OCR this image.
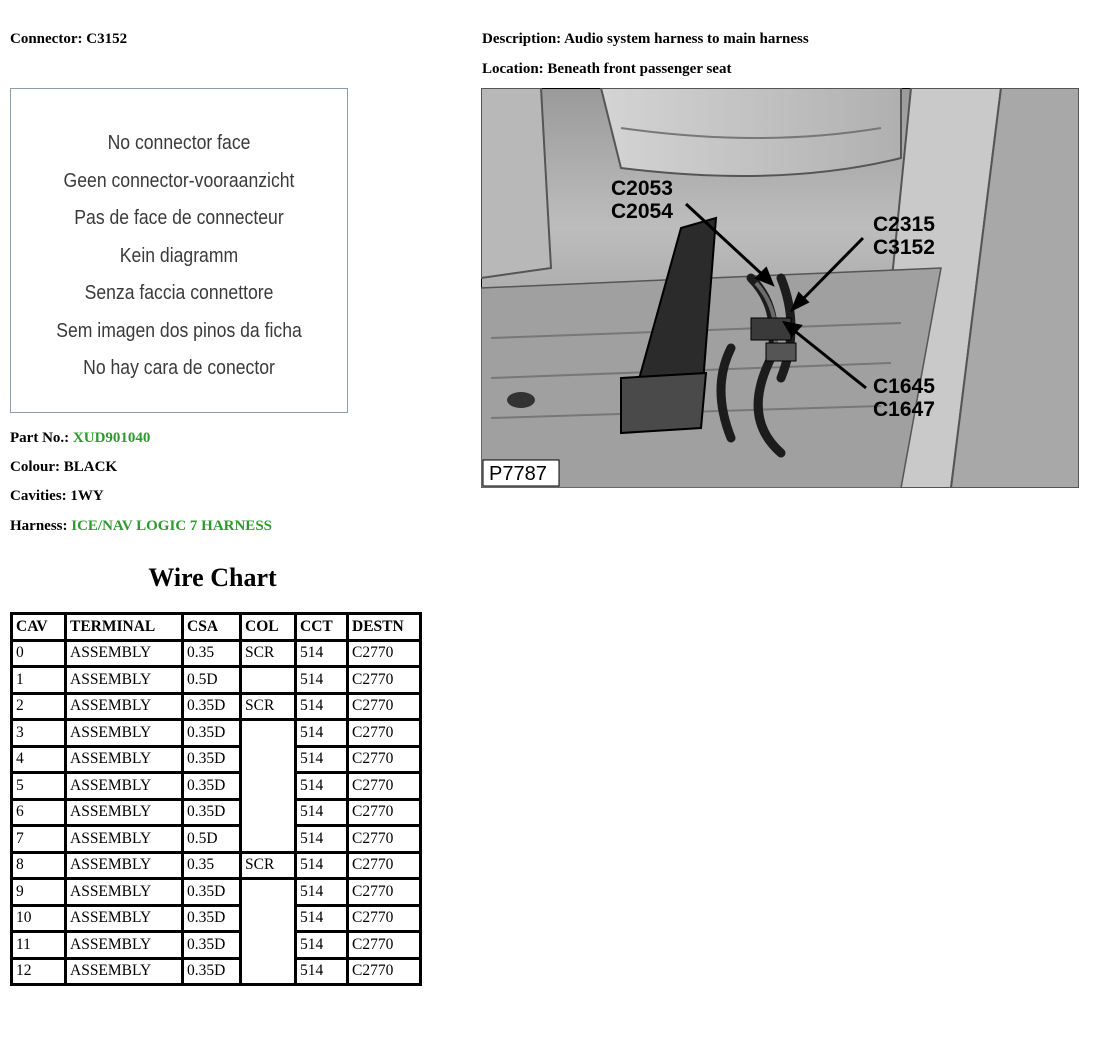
Connector: C3152	Description: Audio system harness to main harness
Location: Beneath front passenger seat
No connector face
Geen connector-vooraanzicht
Pas de face de connecteur
Kein diagramm
Senza faccia connettore
Sem imagen dos pinos da ficha
No hay cara de conector
Part No.: XUD901040
Colour: BLACK
Cavities: 1WY
Harness: ICE/NAV LOGIC 7 HARNESS
Wire Chart
CAV	TERMINAL	CSA	COL	CCT	DESTN
0	ASSEMBLY	0.35	SCR	514	C2770
1	ASSEMBLY	0.5D		514	C2770
2	ASSEMBLY	0.35D	SCR	514	C2770
3	ASSEMBLY	0.35D		514	C2770
4	ASSEMBLY	0.35D		514	C2770
5	ASSEMBLY	0.35D		514	C2770
6	ASSEMBLY	0.35D		514	C2770
7	ASSEMBLY	0.5D		514	C2770
8	ASSEMBLY	0.35	SCR	514	C2770
9	ASSEMBLY	0.35D		514	C2770
10	ASSEMBLY	0.35D		514	C2770
11	ASSEMBLY	0.35D		514	C2770
12	ASSEMBLY	0.35D		514	C2770
C2053
C2054
C2315
C3152
C1645
C1647
P7787
